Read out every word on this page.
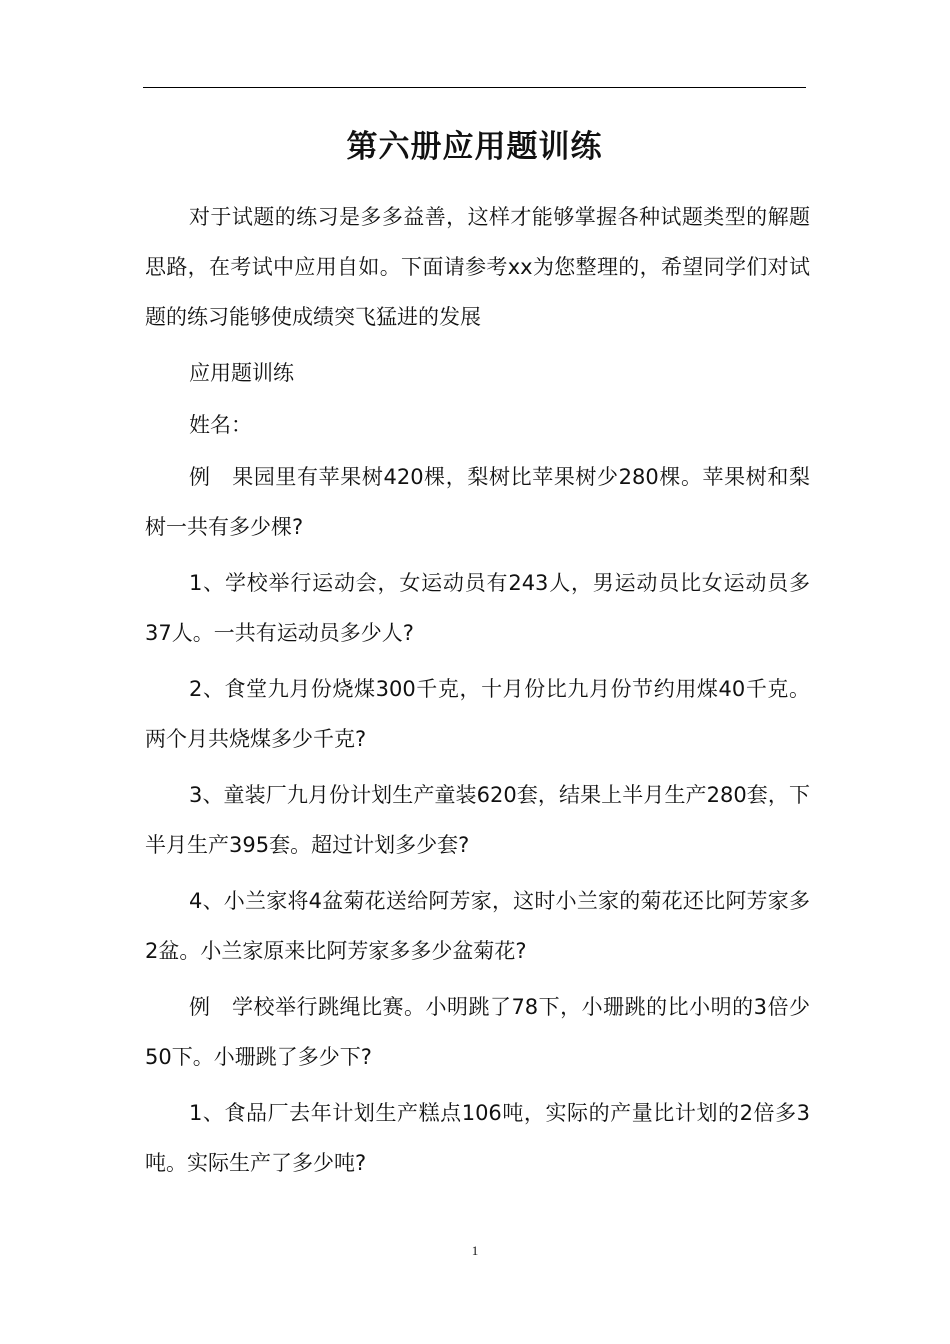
第六册应用题训练

对于试题的练习是多多益善，这样才能够掌握各种试题类型的解题思路，在考试中应用自如。下面请参考xx为您整理的，希望同学们对试题的练习能够使成绩突飞猛进的发展

应用题训练

姓名：

例　果园里有苹果树420棵，梨树比苹果树少280棵。苹果树和梨树一共有多少棵?

1、学校举行运动会，女运动员有243人，男运动员比女运动员多37人。一共有运动员多少人?

2、食堂九月份烧煤300千克，十月份比九月份节约用煤40千克。两个月共烧煤多少千克?

3、童装厂九月份计划生产童装620套，结果上半月生产280套，下半月生产395套。超过计划多少套?

4、小兰家将4盆菊花送给阿芳家，这时小兰家的菊花还比阿芳家多2盆。小兰家原来比阿芳家多多少盆菊花?

例　学校举行跳绳比赛。小明跳了78下，小珊跳的比小明的3倍少50下。小珊跳了多少下?

1、食品厂去年计划生产糕点106吨，实际的产量比计划的2倍多3吨。实际生产了多少吨?

1
